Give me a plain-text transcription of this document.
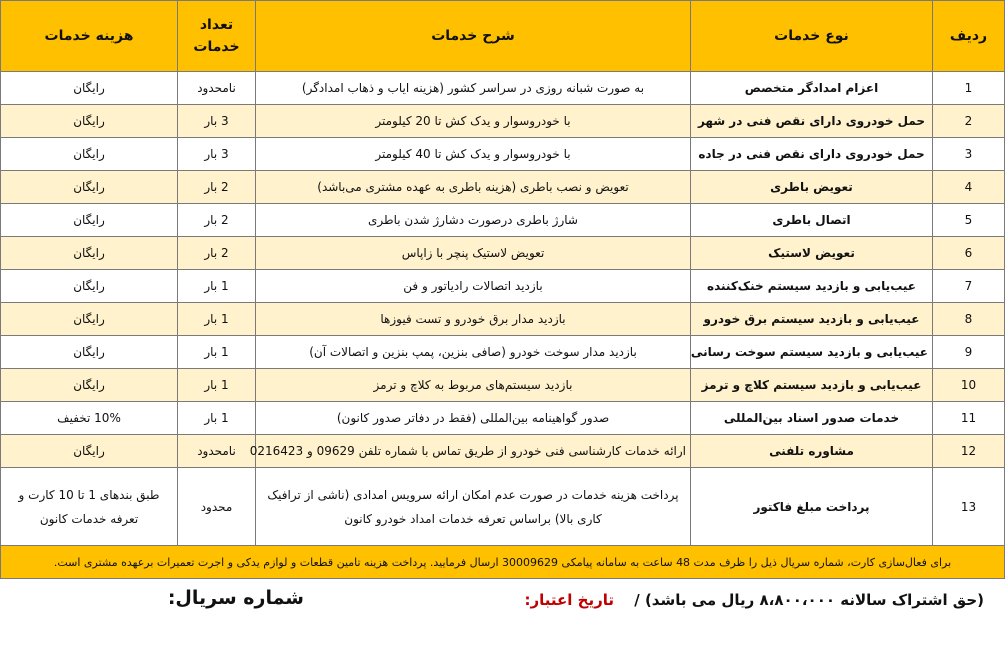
ردیف	نوع خدمات	شرح خدمات	تعداد خدمات	هزینه خدمات
1	اعزام امدادگر متخصص	به صورت شبانه روزی در سراسر کشور (هزینه ایاب و ذهاب امدادگر)	نامحدود	رایگان
2	حمل خودروی دارای نقص فنی در شهر	با خودروسوار و یدک کش تا 20 کیلومتر	3 بار	رایگان
3	حمل خودروی دارای نقص فنی در جاده	با خودروسوار و یدک کش تا 40 کیلومتر	3 بار	رایگان
4	تعویض باطری	تعویض و نصب باطری (هزینه باطری به عهده مشتری می‌باشد)	2 بار	رایگان
5	اتصال باطری	شارژ باطری درصورت دشارژ شدن باطری	2 بار	رایگان
6	تعویض لاستیک	تعویض لاستیک پنچر با زاپاس	2 بار	رایگان
7	عیب‌یابی و بازدید سیستم خنک‌کننده	بازدید اتصالات رادیاتور و فن	1 بار	رایگان
8	عیب‌یابی و بازدید سیستم برق خودرو	بازدید مدار برق خودرو و تست فیوزها	1 بار	رایگان
9	عیب‌یابی و بازدید سیستم سوخت رسانی	بازدید مدار سوخت خودرو (صافی بنزین، پمپ بنزین و اتصالات آن)	1 بار	رایگان
10	عیب‌یابی و بازدید سیستم کلاچ و ترمز	بازدید سیستم‌های مربوط به کلاچ و ترمز	1 بار	رایگان
11	خدمات صدور اسناد بین‌المللی	صدور گواهینامه بین‌المللی (فقط در دفاتر صدور کانون)	1 بار	10% تخفیف
12	مشاوره تلفنی	ارائه خدمات کارشناسی فنی خودرو از طریق تماس با شماره تلفن 09629 و 0216423	نامحدود	رایگان
13	پرداخت مبلغ فاکتور	پرداخت هزینه خدمات در صورت عدم امکان ارائه سرویس امدادی (ناشی از ترافیک کاری بالا) براساس تعرفه خدمات امداد خودرو کانون	محدود	طبق بندهای 1 تا 10 کارت و تعرفه خدمات کانون
برای فعال‌سازی کارت، شماره سریال ذیل را ظرف مدت 48 ساعت به سامانه پیامکی 30009629 ارسال فرمایید. پرداخت هزینه تامین قطعات و لوازم یدکی و اجرت تعمیرات برعهده مشتری است.				
(حق اشتراک سالانه ۸،۸۰۰،۰۰۰ ریال می باشد) /
تاریخ اعتبار:
شماره سریال:
